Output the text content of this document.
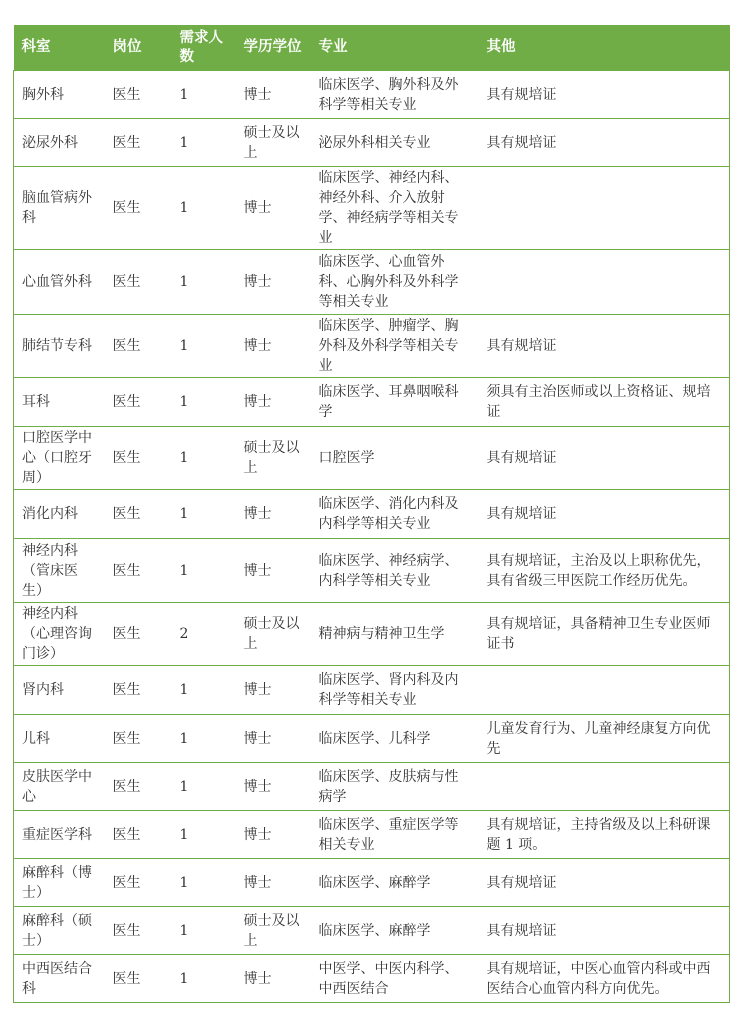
科室	岗位	需求人数	学历学位	专业	其他
胸外科	医生	1	博士	临床医学、胸外科及外科学等相关专业	具有规培证
泌尿外科	医生	1	硕士及以上	泌尿外科相关专业	具有规培证
脑血管病外科	医生	1	博士	临床医学、神经内科、神经外科、介入放射学、神经病学等相关专业	
心血管外科	医生	1	博士	临床医学、心血管外科、心胸外科及外科学等相关专业	
肺结节专科	医生	1	博士	临床医学、肿瘤学、胸外科及外科学等相关专业	具有规培证
耳科	医生	1	博士	临床医学、耳鼻咽喉科学	须具有主治医师或以上资格证、规培证
口腔医学中心（口腔牙周）	医生	1	硕士及以上	口腔医学	具有规培证
消化内科	医生	1	博士	临床医学、消化内科及内科学等相关专业	具有规培证
神经内科（管床医生）	医生	1	博士	临床医学、神经病学、内科学等相关专业	具有规培证，主治及以上职称优先，具有省级三甲医院工作经历优先。
神经内科（心理咨询门诊）	医生	2	硕士及以上	精神病与精神卫生学	具有规培证，具备精神卫生专业医师证书
肾内科	医生	1	博士	临床医学、肾内科及内科学等相关专业	
儿科	医生	1	博士	临床医学、儿科学	儿童发育行为、儿童神经康复方向优先
皮肤医学中心	医生	1	博士	临床医学、皮肤病与性病学	
重症医学科	医生	1	博士	临床医学、重症医学等相关专业	具有规培证，主持省级及以上科研课题 1 项。
麻醉科（博士）	医生	1	博士	临床医学、麻醉学	具有规培证
麻醉科（硕士）	医生	1	硕士及以上	临床医学、麻醉学	具有规培证
中西医结合科	医生	1	博士	中医学、中医内科学、中西医结合	具有规培证，中医心血管内科或中西医结合心血管内科方向优先。
